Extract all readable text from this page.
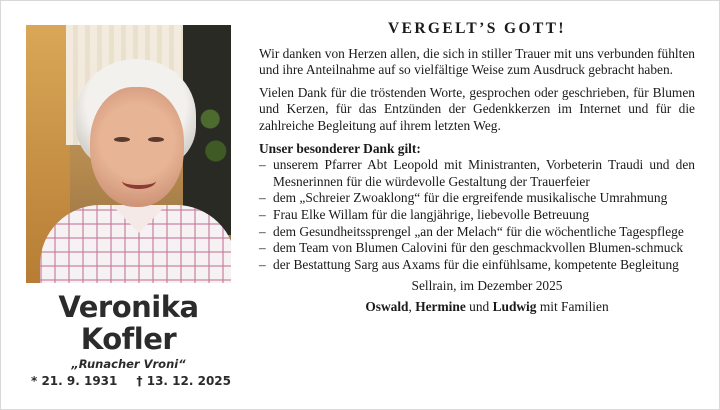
Veronika
Kofler
„Runacher Vroni“
* 21. 9. 1931 † 13. 12. 2025
VERGELT’S GOTT!

Wir danken von Herzen allen, die sich in stiller Trauer mit uns verbunden fühlten und ihre Anteilnahme auf so vielfältige Weise zum Ausdruck gebracht haben.

Vielen Dank für die tröstenden Worte, gesprochen oder geschrieben, für Blumen und Kerzen, für das Entzünden der Gedenkkerzen im Internet und für die zahlreiche Begleitung auf ihrem letzten Weg.

Unser besonderer Dank gilt:

– unserem Pfarrer Abt Leopold mit Ministranten, Vorbeterin Traudi und den Mesnerinnen für die würdevolle Gestaltung der Trauerfeier
– dem „Schreier Zwoaklong“ für die ergreifende musikalische Umrahmung
– Frau Elke Willam für die langjährige, liebevolle Betreuung
– dem Gesundheitssprengel „an der Melach“ für die wöchentliche Tagespflege
– dem Team von Blumen Calovini für den geschmackvollen Blumen-schmuck
– der Bestattung Sarg aus Axams für die einfühlsame, kompetente Begleitung
Sellrain, im Dezember 2025
Oswald, Hermine und Ludwig mit Familien
